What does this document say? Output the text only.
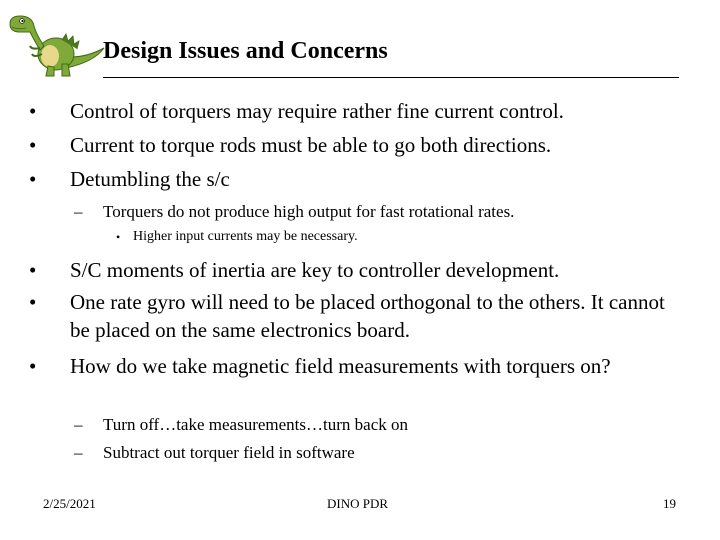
Design Issues and Concerns
• Control of torquers may require rather fine current control.
• Current to torque rods must be able to go both directions.
• Detumbling the s/c
– Torquers do not produce high output for fast rotational rates.
• Higher input currents may be necessary.
• S/C moments of inertia are key to controller development.
• One rate gyro will need to be placed orthogonal to the others. It cannot be placed on the same electronics board.
• How do we take magnetic field measurements with torquers on?
– Turn off…take measurements…turn back on
– Subtract out torquer field in software
2/25/2021	DINO PDR	19
